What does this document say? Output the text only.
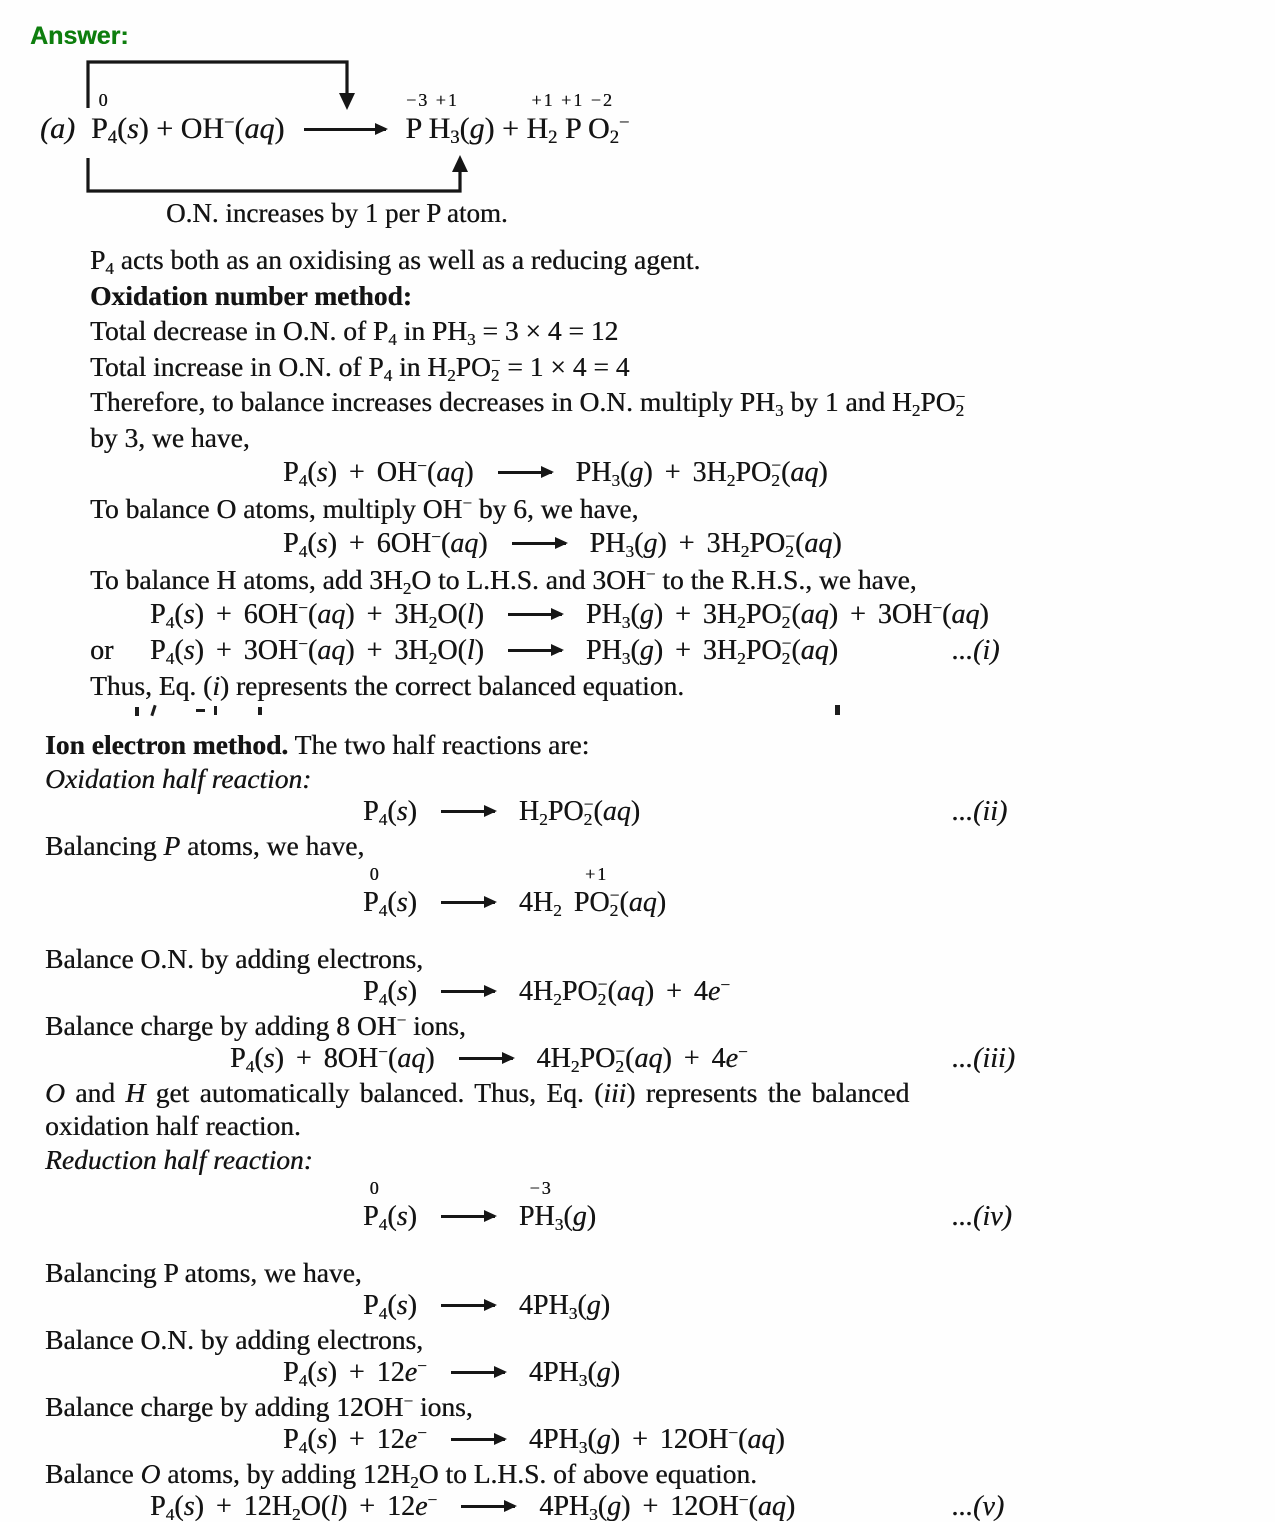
Answer:
(a)
0
$P_4(s) + OH^-(aq)$ →
−3 +1
P $H_3(g)$ +
+1 +1 −2
$H_2$ P $O_2^-$
O.N. increases by 1 per P atom.
$P_4$ acts both as an oxidising as well as a reducing agent.
Oxidation number method:
Total decrease in O.N. of $P_4$ in $PH_3 = 3 \times 4 = 12$
Total increase in O.N. of $P_4$ in $H_2PO_2^- = 1 \times 4 = 4$
Therefore, to balance increases decreases in O.N. multiply $PH_3$ by 1 and $H_2PO_2^-$
by 3, we have,
$P_4(s) + OH^-(aq) \to PH_3(g) + 3H_2PO_2^-(aq)$
To balance O atoms, multiply OH− by 6, we have,
$P_4(s) + 6OH^-(aq) \to PH_3(g) + 3H_2PO_2^-(aq)$
To balance H atoms, add $3H_2O$ to L.H.S. and 3OH− to the R.H.S., we have,
$P_4(s) + 6OH^-(aq) + 3H_2O(l) \to PH_3(g) + 3H_2PO_2^-(aq) + 3OH^-(aq)$
or $P_4(s) + 3OH^-(aq) + 3H_2O(l) \to PH_3(g) + 3H_2PO_2^-(aq)$	...(i)
Thus, Eq. (i) represents the correct balanced equation.
Ion electron method. The two half reactions are:
Oxidation half reaction:
$P_4(s) \to H_2PO_2^-(aq)$	...(ii)
Balancing P atoms, we have,
0
$P_4(s) \to 4H_2$
+1
$PO_2^-(aq)$
Balance O.N. by adding electrons,
$P_4(s) \to 4H_2PO_2^-(aq) + 4e^-$
Balance charge by adding 8 OH− ions,
$P_4(s) + 8OH^-(aq) \to 4H_2PO_2^-(aq) + 4e^-$	...(iii)
O and H get automatically balanced. Thus, Eq. (iii) represents the balanced
oxidation half reaction.
Reduction half reaction:
0
$P_4(s)$ →
−3
$PH_3(g)$	...(iv)
Balancing P atoms, we have,
$P_4(s) \to 4PH_3(g)$
Balance O.N. by adding electrons,
$P_4(s) + 12e^- \to 4PH_3(g)$
Balance charge by adding 12OH− ions,
$P_4(s) + 12e^- \to 4PH_3(g) + 12OH^-(aq)$
Balance O atoms, by adding $12H_2O$ to L.H.S. of above equation.
$P_4(s) + 12H_2O(l) + 12e^- \to 4PH_3(g) + 12OH^-(aq)$	...(v)
